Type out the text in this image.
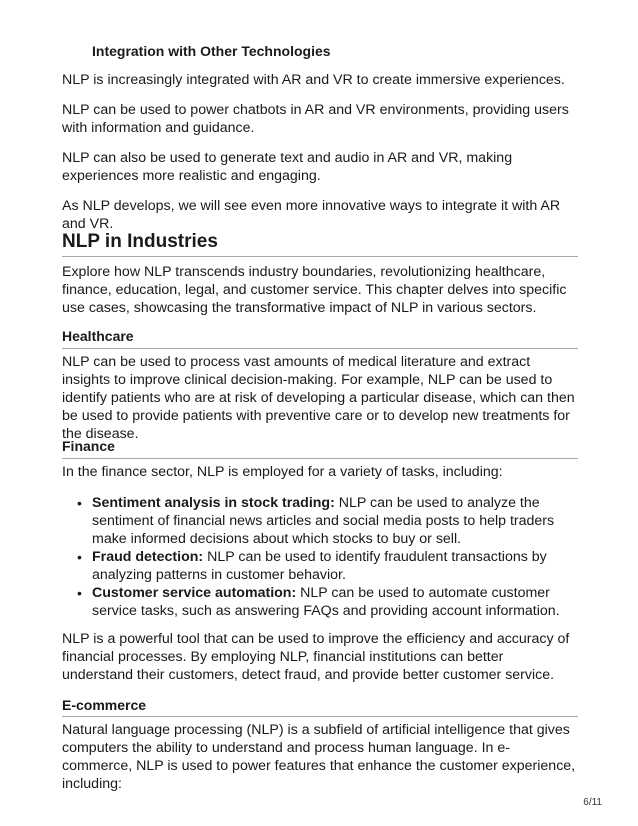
Integration with Other Technologies

NLP is increasingly integrated with AR and VR to create immersive experiences.

NLP can be used to power chatbots in AR and VR environments, providing users with information and guidance.

NLP can also be used to generate text and audio in AR and VR, making experiences more realistic and engaging.

As NLP develops, we will see even more innovative ways to integrate it with AR and VR.

NLP in Industries

Explore how NLP transcends industry boundaries, revolutionizing healthcare, finance, education, legal, and customer service. This chapter delves into specific use cases, showcasing the transformative impact of NLP in various sectors.

Healthcare

NLP can be used to process vast amounts of medical literature and extract insights to improve clinical decision-making. For example, NLP can be used to identify patients who are at risk of developing a particular disease, which can then be used to provide patients with preventive care or to develop new treatments for the disease.

Finance

In the finance sector, NLP is employed for a variety of tasks, including:

• Sentiment analysis in stock trading: NLP can be used to analyze the sentiment of financial news articles and social media posts to help traders make informed decisions about which stocks to buy or sell.
• Fraud detection: NLP can be used to identify fraudulent transactions by analyzing patterns in customer behavior.
• Customer service automation: NLP can be used to automate customer service tasks, such as answering FAQs and providing account information.

NLP is a powerful tool that can be used to improve the efficiency and accuracy of financial processes. By employing NLP, financial institutions can better understand their customers, detect fraud, and provide better customer service.

E-commerce

Natural language processing (NLP) is a subfield of artificial intelligence that gives computers the ability to understand and process human language. In e-commerce, NLP is used to power features that enhance the customer experience, including:

6/11
